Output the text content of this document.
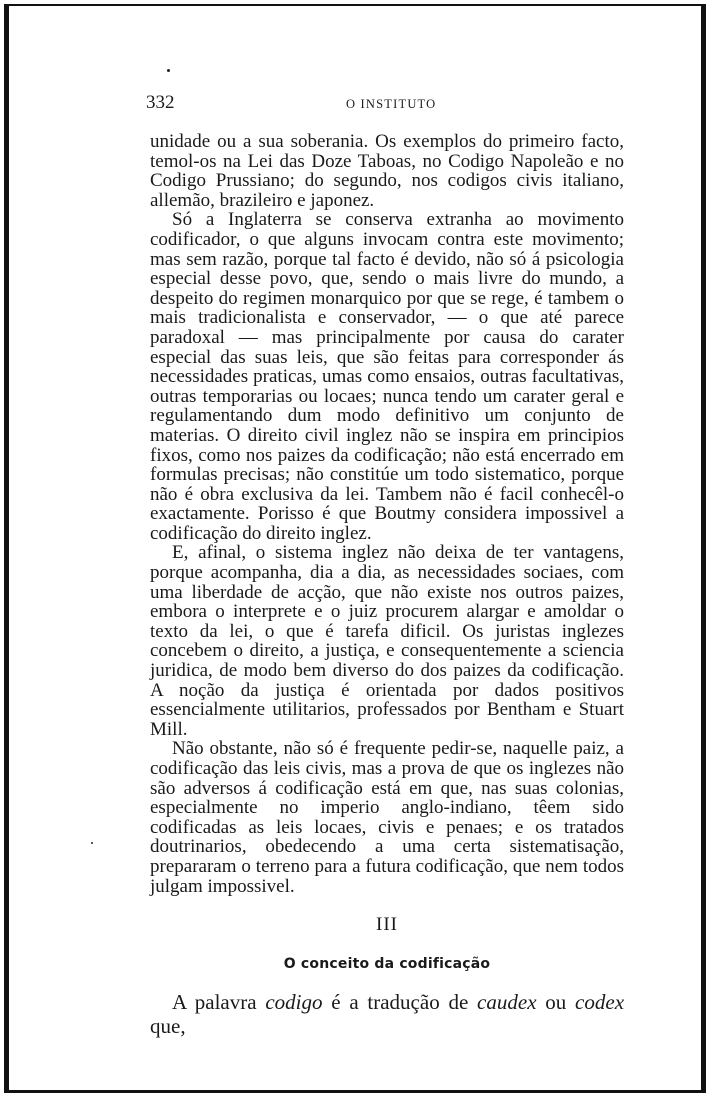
332	O INSTITUTO

unidade ou a sua soberania. Os exemplos do primeiro facto, temol-os na Lei das Doze Taboas, no Codigo Napoleão e no Codigo Prussiano; do segundo, nos codigos civis italiano, allemão, brazileiro e japonez.

Só a Inglaterra se conserva extranha ao movimento codificador, o que alguns invocam contra este movimento; mas sem razão, porque tal facto é devido, não só á psicologia especial desse povo, que, sendo o mais livre do mundo, a despeito do regimen monarquico por que se rege, é tambem o mais tradicionalista e conservador, — o que até parece paradoxal — mas principalmente por causa do carater especial das suas leis, que são feitas para corresponder ás necessidades praticas, umas como ensaios, outras facultativas, outras temporarias ou locaes; nunca tendo um carater geral e regulamentando dum modo definitivo um conjunto de materias. O direito civil inglez não se inspira em principios fixos, como nos paizes da codificação; não está encerrado em formulas precisas; não constitúe um todo sistematico, porque não é obra exclusiva da lei. Tambem não é facil conhecêl-o exactamente. Porisso é que Boutmy considera impossivel a codificação do direito inglez.

E, afinal, o sistema inglez não deixa de ter vantagens, porque acompanha, dia a dia, as necessidades sociaes, com uma liberdade de acção, que não existe nos outros paizes, embora o interprete e o juiz procurem alargar e amoldar o texto da lei, o que é tarefa dificil. Os juristas inglezes concebem o direito, a justiça, e consequentemente a sciencia juridica, de modo bem diverso do dos paizes da codificação. A noção da justiça é orientada por dados positivos essencialmente utilitarios, professados por Bentham e Stuart Mill.

Não obstante, não só é frequente pedir-se, naquelle paiz, a codificação das leis civis, mas a prova de que os inglezes não são adversos á codificação está em que, nas suas colonias, especialmente no imperio anglo-indiano, têem sido codificadas as leis locaes, civis e penaes; e os tratados doutrinarios, obedecendo a uma certa sistematisação, prepararam o terreno para a futura codificação, que nem todos julgam impossivel.

III
O conceito da codificação

A palavra codigo é a tradução de caudex ou codex que,
